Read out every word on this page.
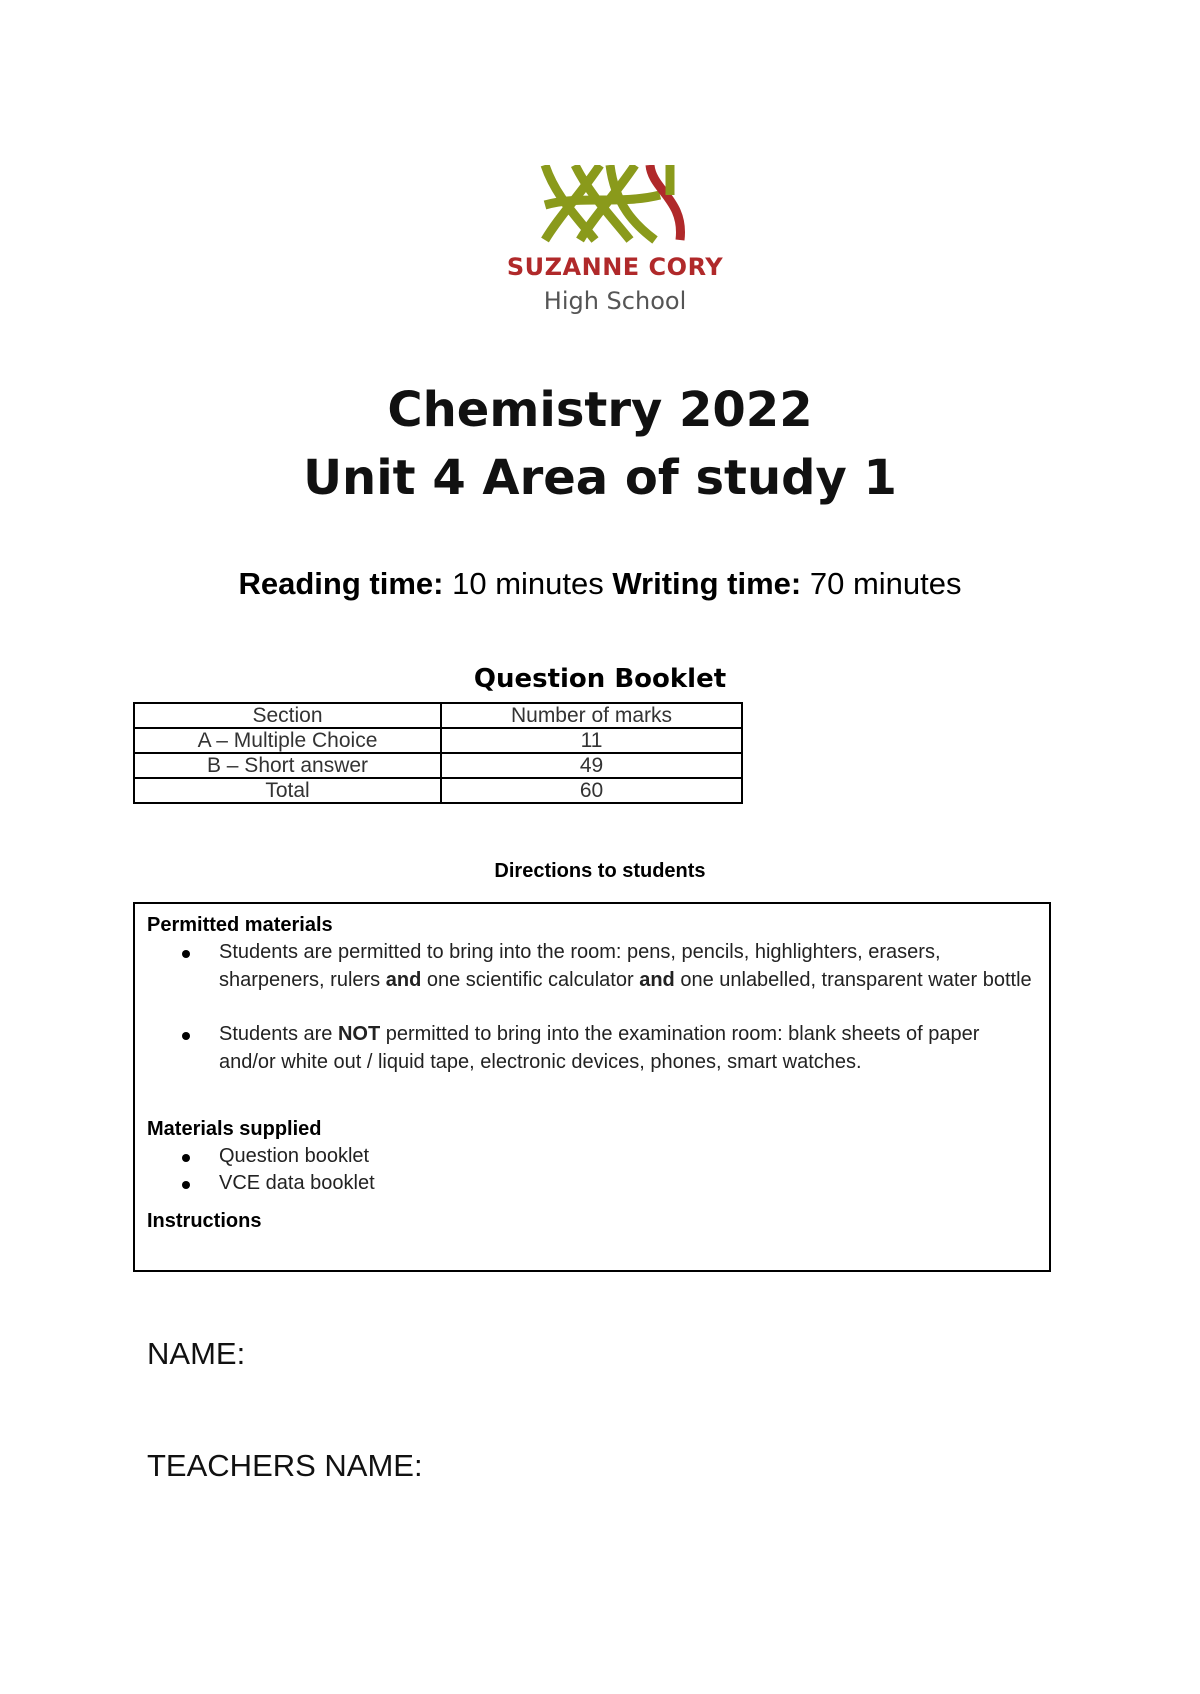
SUZANNE CORY
High School
Chemistry 2022
Unit 4 Area of study 1
Reading time: 10 minutes Writing time: 70 minutes
Question Booklet
Section	Number of marks
A – Multiple Choice	11
B – Short answer	49
Total	60
Directions to students
Permitted materials
Students are permitted to bring into the room: pens, pencils, highlighters, erasers, sharpeners, rulers and one scientific calculator and one unlabelled, transparent water bottle
Students are NOT permitted to bring into the examination room: blank sheets of paper and/or white out / liquid tape, electronic devices, phones, smart watches.
Materials supplied
Question booklet
VCE data booklet
Instructions
NAME:
TEACHERS NAME:
